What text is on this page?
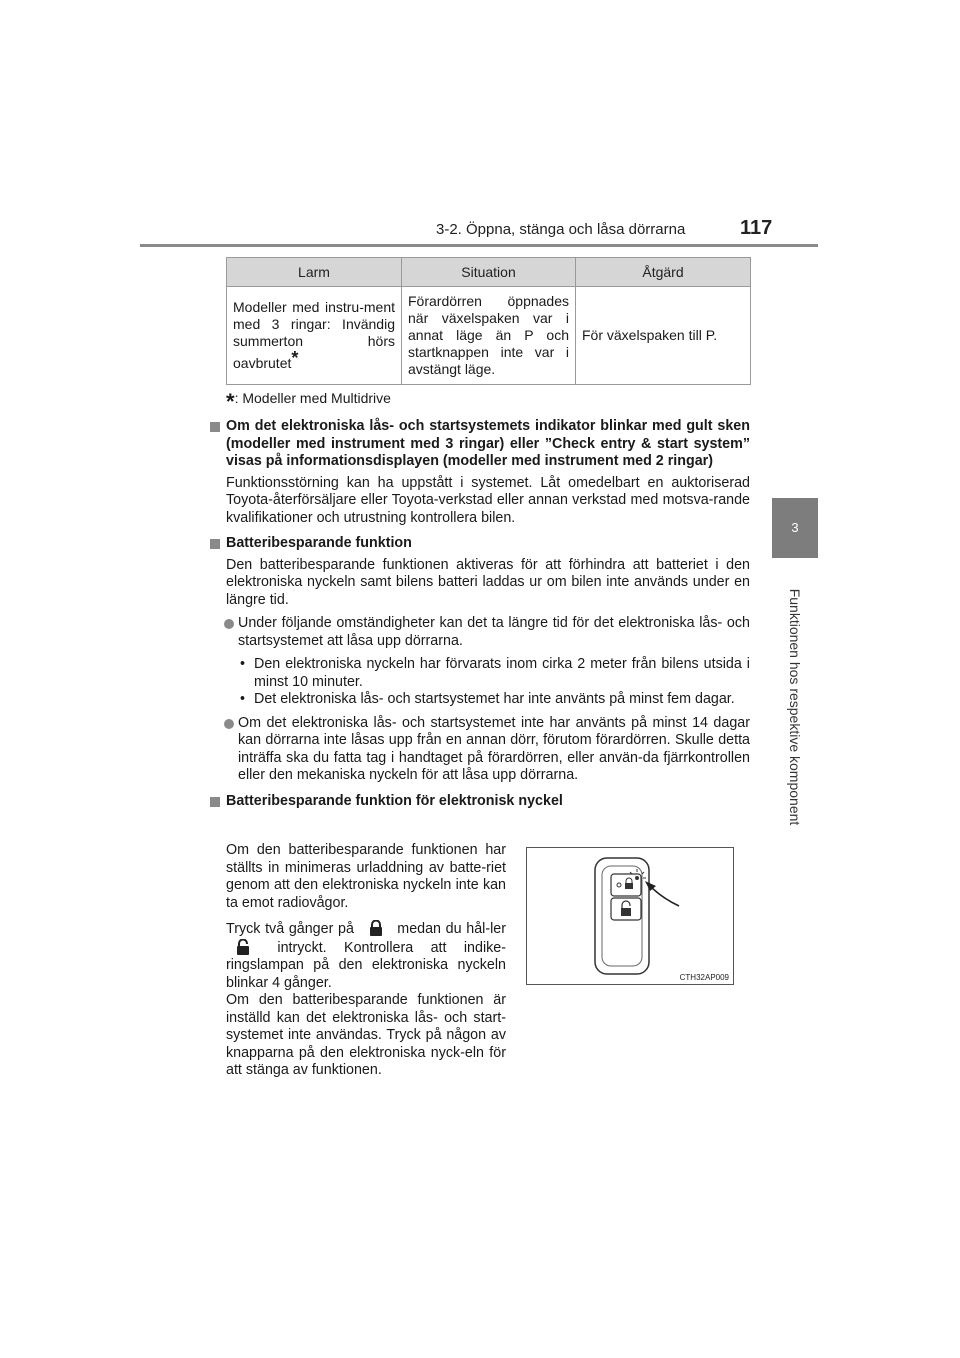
3-2. Öppna, stänga och låsa dörrarna	117
3
Funktionen hos respektive komponent
Larm	Situation	Åtgärd
Modeller med instru-ment med 3 ringar: Invändig summerton hörs oavbrutet*	Förardörren öppnades när växelspaken var i annat läge än P och startknappen inte var i avstängt läge.	För växelspaken till P.
*: Modeller med Multidrive
Om det elektroniska lås- och startsystemets indikator blinkar med gult sken (modeller med instrument med 3 ringar) eller ”Check entry & start system” visas på informationsdisplayen (modeller med instrument med 2 ringar)
Funktionsstörning kan ha uppstått i systemet. Låt omedelbart en auktoriserad Toyota-återförsäljare eller Toyota-verkstad eller annan verkstad med motsva-rande kvalifikationer och utrustning kontrollera bilen.
Batteribesparande funktion
Den batteribesparande funktionen aktiveras för att förhindra att batteriet i den elektroniska nyckeln samt bilens batteri laddas ur om bilen inte används under en längre tid.
Under följande omständigheter kan det ta längre tid för det elektroniska lås- och startsystemet att låsa upp dörrarna.
• Den elektroniska nyckeln har förvarats inom cirka 2 meter från bilens utsida i minst 10 minuter.
• Det elektroniska lås- och startsystemet har inte använts på minst fem dagar.
Om det elektroniska lås- och startsystemet inte har använts på minst 14 dagar kan dörrarna inte låsas upp från en annan dörr, förutom förardörren. Skulle detta inträffa ska du fatta tag i handtaget på förardörren, eller använ-da fjärrkontrollen eller den mekaniska nyckeln för att låsa upp dörrarna.
Batteribesparande funktion för elektronisk nyckel

Om den batteribesparande funktionen har ställts in minimeras urladdning av batte-riet genom att den elektroniska nyckeln inte kan ta emot radiovågor.

Tryck två gånger på	medan du hål-ler  intryckt. Kontrollera att indike-ringslampan på den elektroniska nyckeln blinkar 4 gånger.

Om den batteribesparande funktionen är inställd kan det elektroniska lås- och start-systemet inte användas. Tryck på någon av knapparna på den elektroniska nyck-eln för att stänga av funktionen.

CTH32AP009
